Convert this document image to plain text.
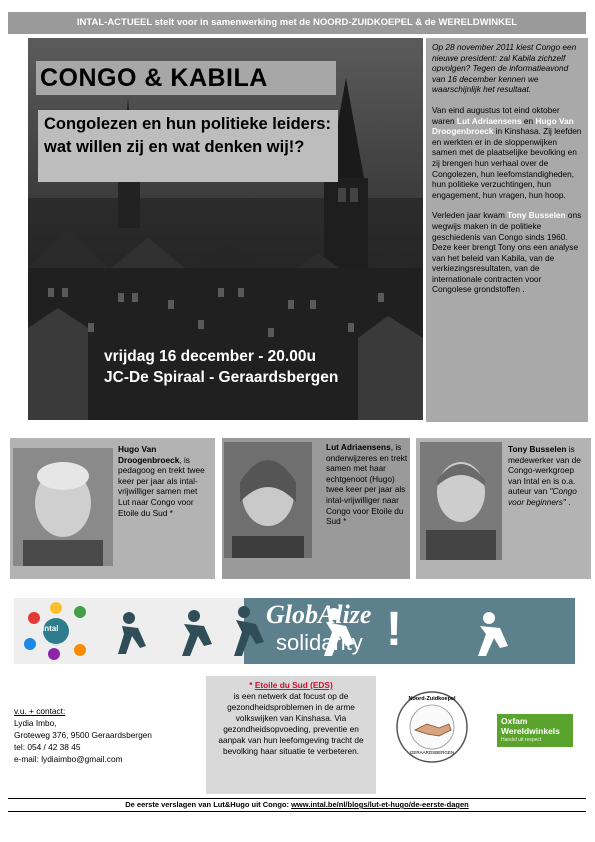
INTAL-ACTUEEL stelt voor in samenwerking met de NOORD-ZUIDKOEPEL & de WERELDWINKEL
CONGO & KABILA
Congolezen en hun politieke leiders: wat willen zij en wat denken wij!?
vrijdag 16 december - 20.00u
JC-De Spiraal - Geraardsbergen

Op 28 november 2011 kiest Congo een nieuwe president: zal Kabila zichzelf opvolgen? Tegen de informatieavond van 16 december kennen we waarschijnlijk het resultaat.

Van eind augustus tot eind oktober waren Lut Adriaensens en Hugo Van Droogenbroeck in Kinshasa. Zij leefden en werkten er in de sloppenwijken samen met de plaatselijke bevolking en zij brengen hun verhaal over de Congolezen, hun leefomstandigheden, hun politieke verzuchtingen, hun engagement, hun vragen, hun hoop.

Verleden jaar kwam Tony Busselen ons wegwijs maken in de politieke geschiedenis van Congo sinds 1960. Deze keer brengt Tony ons een analyse van het beleid van Kabila, van de verkiezingsresultaten, van de internationale contracten voor Congolese grondstoffen .

Hugo Van Droogenbroeck, is pedagoog en trekt twee keer per jaar als intal-vrijwilliger samen met Lut naar Congo voor Etoile du Sud *
Lut Adriaensens, is onderwijzeres en trekt samen met haar echtgenoot (Hugo) twee keer per jaar als intal-vrijwilliger naar Congo voor Etoile du Sud *
Tony Busselen is medewerker van de Congo-werkgroep van Intal en is o.a. auteur van "Congo voor beginners" .
intal	GlobAlize
solidarity !
v.u. + contact:
Lydia Imbo,
Groteweg 376, 9500 Geraardsbergen
tel: 054 / 42 38 45
e-mail: lydiaimbo@gmail.com
* Etoile du Sud (EDS)
is een netwerk dat focust op de gezondheidsproblemen in de arme volkswijken van Kinshasa. Via gezondheidsopvoeding, preventie en aanpak van hun leefomgeving tracht de bevolking haar situatie te verbeteren.
Noord-Zuidkoepel
GERAARDSBERGEN
Oxfam
Wereldwinkels
Handel uit respect
De eerste verslagen van Lut&Hugo uit Congo: www.intal.be/nl/blogs/lut-et-hugo/de-eerste-dagen
